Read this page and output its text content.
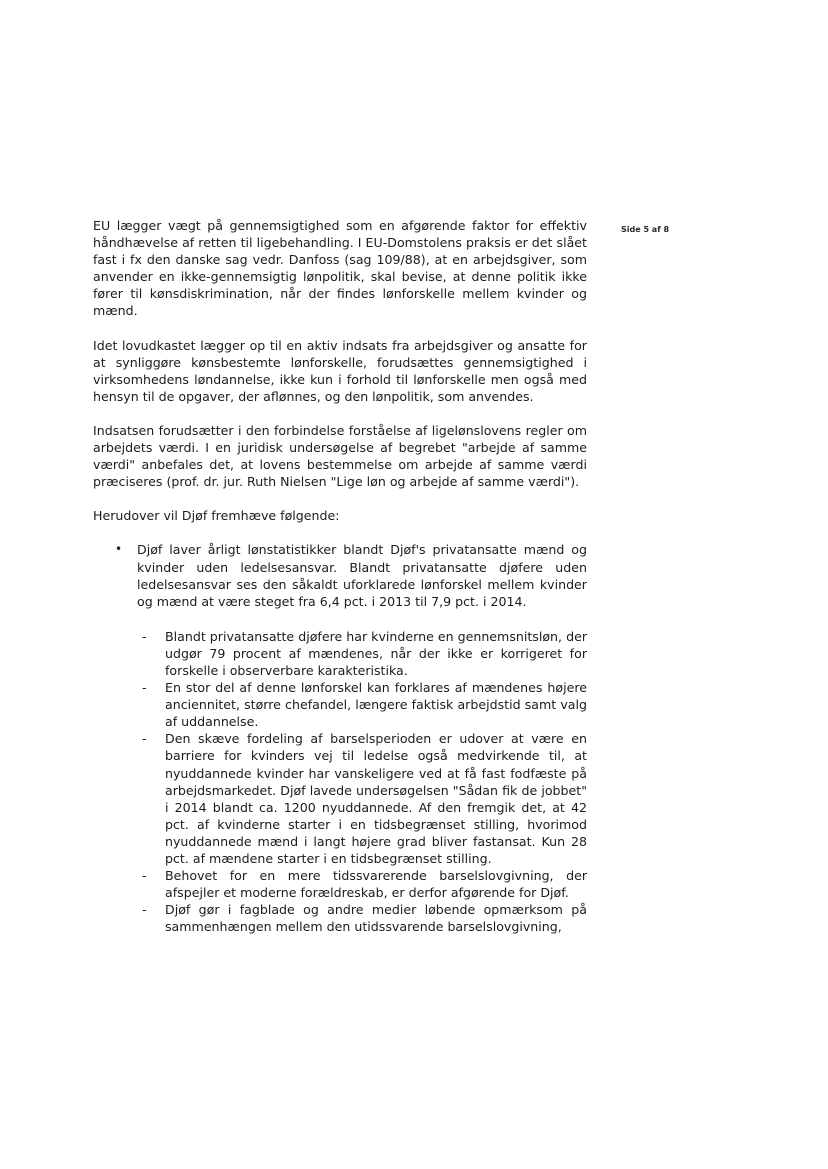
Side 5 af 8

EU lægger vægt på gennemsigtighed som en afgørende faktor for effektiv håndhævelse af retten til ligebehandling. I EU-Domstolens praksis er det slået fast i fx den danske sag vedr. Danfoss (sag 109/88), at en arbejdsgiver, som anvender en ikke-gennemsigtig lønpolitik, skal bevise, at denne politik ikke fører til kønsdiskrimination, når der findes lønforskelle mellem kvinder og mænd.

Idet lovudkastet lægger op til en aktiv indsats fra arbejdsgiver og ansatte for at synliggøre kønsbestemte lønforskelle, forudsættes gennemsigtighed i virksomhedens løndannelse, ikke kun i forhold til lønforskelle men også med hensyn til de opgaver, der aflønnes, og den lønpolitik, som anvendes.

Indsatsen forudsætter i den forbindelse forståelse af ligelønslovens regler om arbejdets værdi. I en juridisk undersøgelse af begrebet "arbejde af samme værdi" anbefales det, at lovens bestemmelse om arbejde af samme værdi præciseres (prof. dr. jur. Ruth Nielsen "Lige løn og arbejde af samme værdi").

Herudover vil Djøf fremhæve følgende:

•	Djøf laver årligt lønstatistikker blandt Djøf's privatansatte mænd og kvinder uden ledelsesansvar. Blandt privatansatte djøfere uden ledelsesansvar ses den såkaldt uforklarede lønforskel mellem kvinder og mænd at være steget fra 6,4 pct. i 2013 til 7,9 pct. i 2014.
- Blandt privatansatte djøfere har kvinderne en gennemsnitsløn, der udgør 79 procent af mændenes, når der ikke er korrigeret for forskelle i observerbare karakteristika.
- En stor del af denne lønforskel kan forklares af mændenes højere anciennitet, større chefandel, længere faktisk arbejdstid samt valg af uddannelse.
- Den skæve fordeling af barselsperioden er udover at være en barriere for kvinders vej til ledelse også medvirkende til, at nyuddannede kvinder har vanskeligere ved at få fast fodfæste på arbejdsmarkedet. Djøf lavede undersøgelsen "Sådan fik de jobbet" i 2014 blandt ca. 1200 nyuddannede. Af den fremgik det, at 42 pct. af kvinderne starter i en tidsbegrænset stilling, hvorimod nyuddannede mænd i langt højere grad bliver fastansat. Kun 28 pct. af mændene starter i en tidsbegrænset stilling.
- Behovet for en mere tidssvarerende barselslovgivning, der afspejler et moderne forældreskab, er derfor afgørende for Djøf.
- Djøf gør i fagblade og andre medier løbende opmærksom på sammenhængen mellem den utidssvarende barselslovgivning,
